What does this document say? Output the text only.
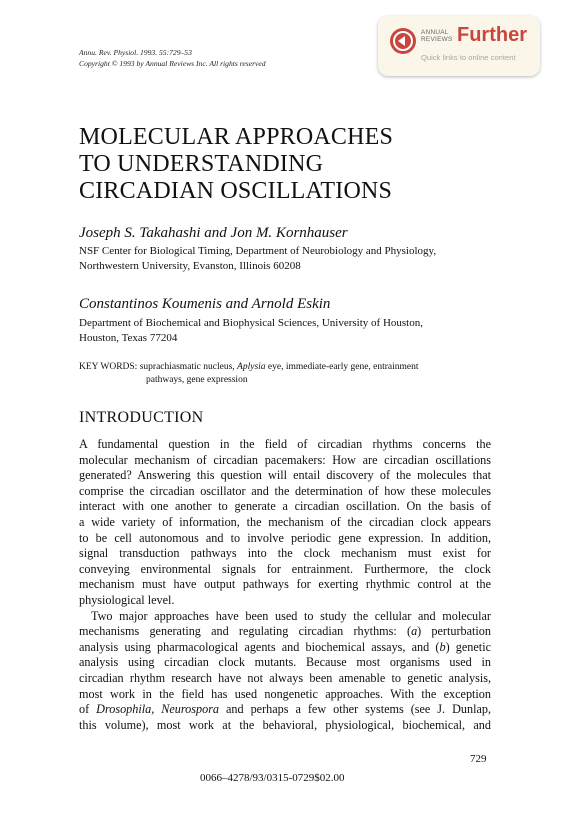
Annu. Rev. Physiol. 1993. 55:729–53
Copyright © 1993 by Annual Reviews Inc. All rights reserved
ANNUAL
REVIEWS Further
Quick links to online content
MOLECULAR APPROACHES
TO UNDERSTANDING
CIRCADIAN OSCILLATIONS
Joseph S. Takahashi and Jon M. Kornhauser
NSF Center for Biological Timing, Department of Neurobiology and Physiology,
Northwestern University, Evanston, Illinois 60208
Constantinos Koumenis and Arnold Eskin
Department of Biochemical and Biophysical Sciences, University of Houston,
Houston, Texas 77204
KEY WORDS: suprachiasmatic nucleus, Aplysia eye, immediate-early gene, entrainment
pathways, gene expression
INTRODUCTION
A fundamental question in the field of circadian rhythms concerns the
molecular mechanism of circadian pacemakers: How are circadian oscillations
generated? Answering this question will entail discovery of the molecules that
comprise the circadian oscillator and the determination of how these molecules
interact with one another to generate a circadian oscillation. On the basis of
a wide variety of information, the mechanism of the circadian clock appears
to be cell autonomous and to involve periodic gene expression. In addition,
signal transduction pathways into the clock mechanism must exist for
conveying environmental signals for entrainment. Furthermore, the clock
mechanism must have output pathways for exerting rhythmic control at the
physiological level.
Two major approaches have been used to study the cellular and molecular
mechanisms generating and regulating circadian rhythms: (a) perturbation
analysis using pharmacological agents and biochemical assays, and (b) genetic
analysis using circadian clock mutants. Because most organisms used in
circadian rhythm research have not always been amenable to genetic analysis,
most work in the field has used nongenetic approaches. With the exception
of Drosophila, Neurospora and perhaps a few other systems (see J. Dunlap,
this volume), most work at the behavioral, physiological, biochemical, and
729
0066–4278/93/0315-0729$02.00
